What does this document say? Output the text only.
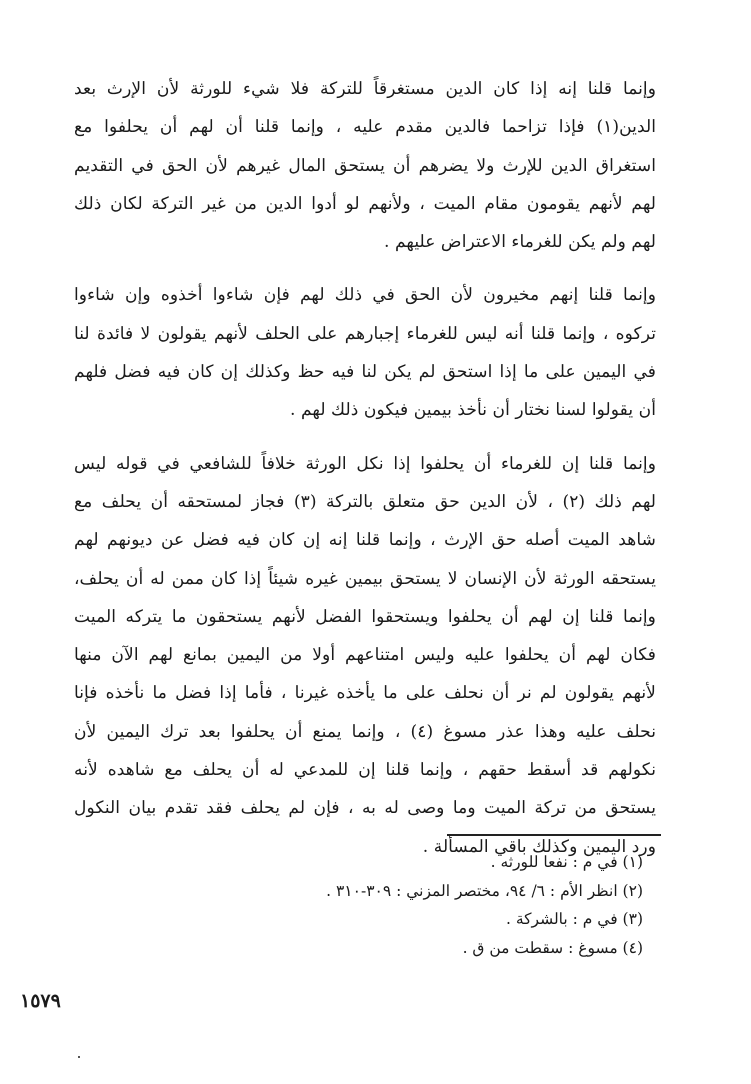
وإنما قلنا إنه إذا كان الدين مستغرقاً للتركة فلا شيء للورثة لأن الإرث بعد
الدين(١) فإذا تزاحما فالدين مقدم عليه ، وإنما قلنا أن لهم أن يحلفوا مع
استغراق الدين للإرث ولا يضرهم أن يستحق المال غيرهم لأن الحق في التقديم
لهم لأنهم يقومون مقام الميت ، ولأنهم لو أدوا الدين من غير التركة لكان ذلك
لهم ولم يكن للغرماء الاعتراض عليهم .

وإنما قلنا إنهم مخيرون لأن الحق في ذلك لهم فإن شاءوا أخذوه وإن شاءوا
تركوه ، وإنما قلنا أنه ليس للغرماء إجبارهم على الحلف لأنهم يقولون لا فائدة لنا
في اليمين على ما إذا استحق لم يكن لنا فيه حظ وكذلك إن كان فيه فضل فلهم
أن يقولوا لسنا نختار أن نأخذ بيمين فيكون ذلك لهم .

وإنما قلنا إن للغرماء أن يحلفوا إذا نكل الورثة خلافاً للشافعي في قوله ليس
لهم ذلك (٢) ، لأن الدين حق متعلق بالتركة (٣) فجاز لمستحقه أن يحلف مع
شاهد الميت أصله حق الإرث ، وإنما قلنا إنه إن كان فيه فضل عن ديونهم لهم
يستحقه الورثة لأن الإنسان لا يستحق بيمين غيره شيئاً إذا كان ممن له أن يحلف،
وإنما قلنا إن لهم أن يحلفوا ويستحقوا الفضل لأنهم يستحقون ما يتركه الميت
فكان لهم أن يحلفوا عليه وليس امتناعهم أولا من اليمين بمانع لهم الآن منها
لأنهم يقولون لم نر أن نحلف على ما يأخذه غيرنا ، فأما إذا فضل ما نأخذه فإنا
نحلف عليه وهذا عذر مسوغ (٤) ، وإنما يمنع أن يحلفوا بعد ترك اليمين لأن
نكولهم قد أسقط حقهم ، وإنما قلنا إن للمدعي له أن يحلف مع شاهده لأنه
يستحق من تركة الميت وما وصى له به ، فإن لم يحلف فقد تقدم بيان النكول
ورد اليمين وكذلك باقي المسألة .

(١) في م : نفعا للورثه .
(٢) انظر الأم : ٦/ ٩٤، مختصر المزني : ٣٠٩-٣١٠ .
(٣) في م : بالشركة .
(٤) مسوغ : سقطت من ق .
١٥٧٩
